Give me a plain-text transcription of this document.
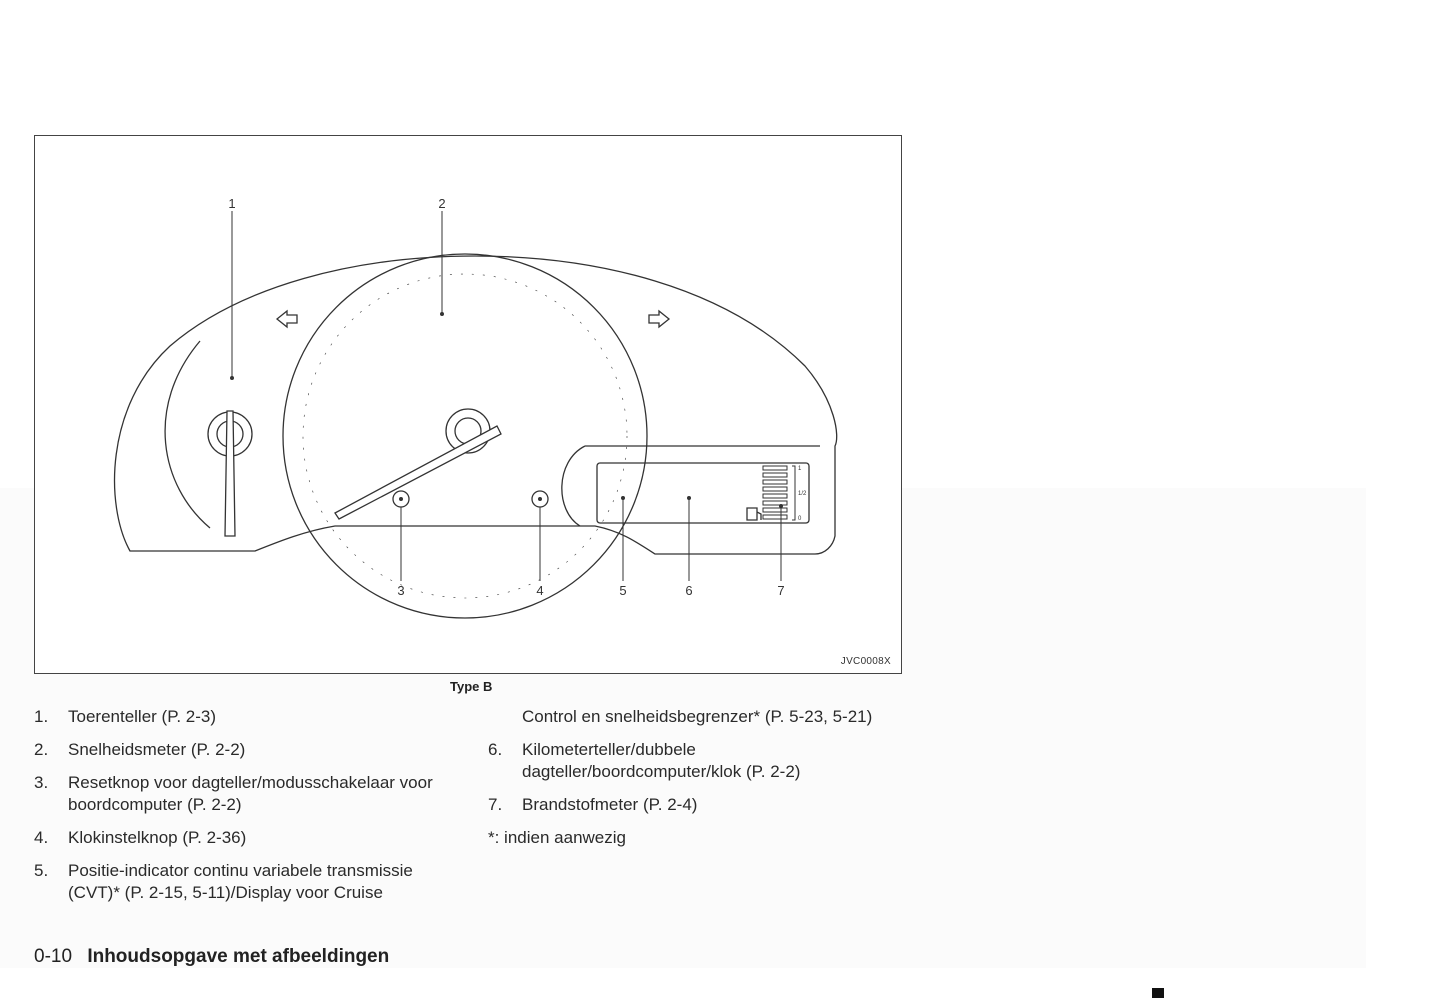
1	2
3	4	5	6	7
1
1/2
0
JVC0008X
Type B
1. Toerenteller (P. 2-3)
2. Snelheidsmeter (P. 2-2)
3. Resetknop voor dagteller/modusschakelaar voor boordcomputer (P. 2-2)
4. Klokinstelknop (P. 2-36)
5. Positie-indicator continu variabele transmissie (CVT)* (P. 2-15, 5-11)/Display voor Cruise
Control en snelheidsbegrenzer* (P. 5-23, 5-21)
6. Kilometerteller/dubbele dagteller/boordcomputer/klok (P. 2-2)
7. Brandstofmeter (P. 2-4)
*: indien aanwezig
0-10 Inhoudsopgave met afbeeldingen
